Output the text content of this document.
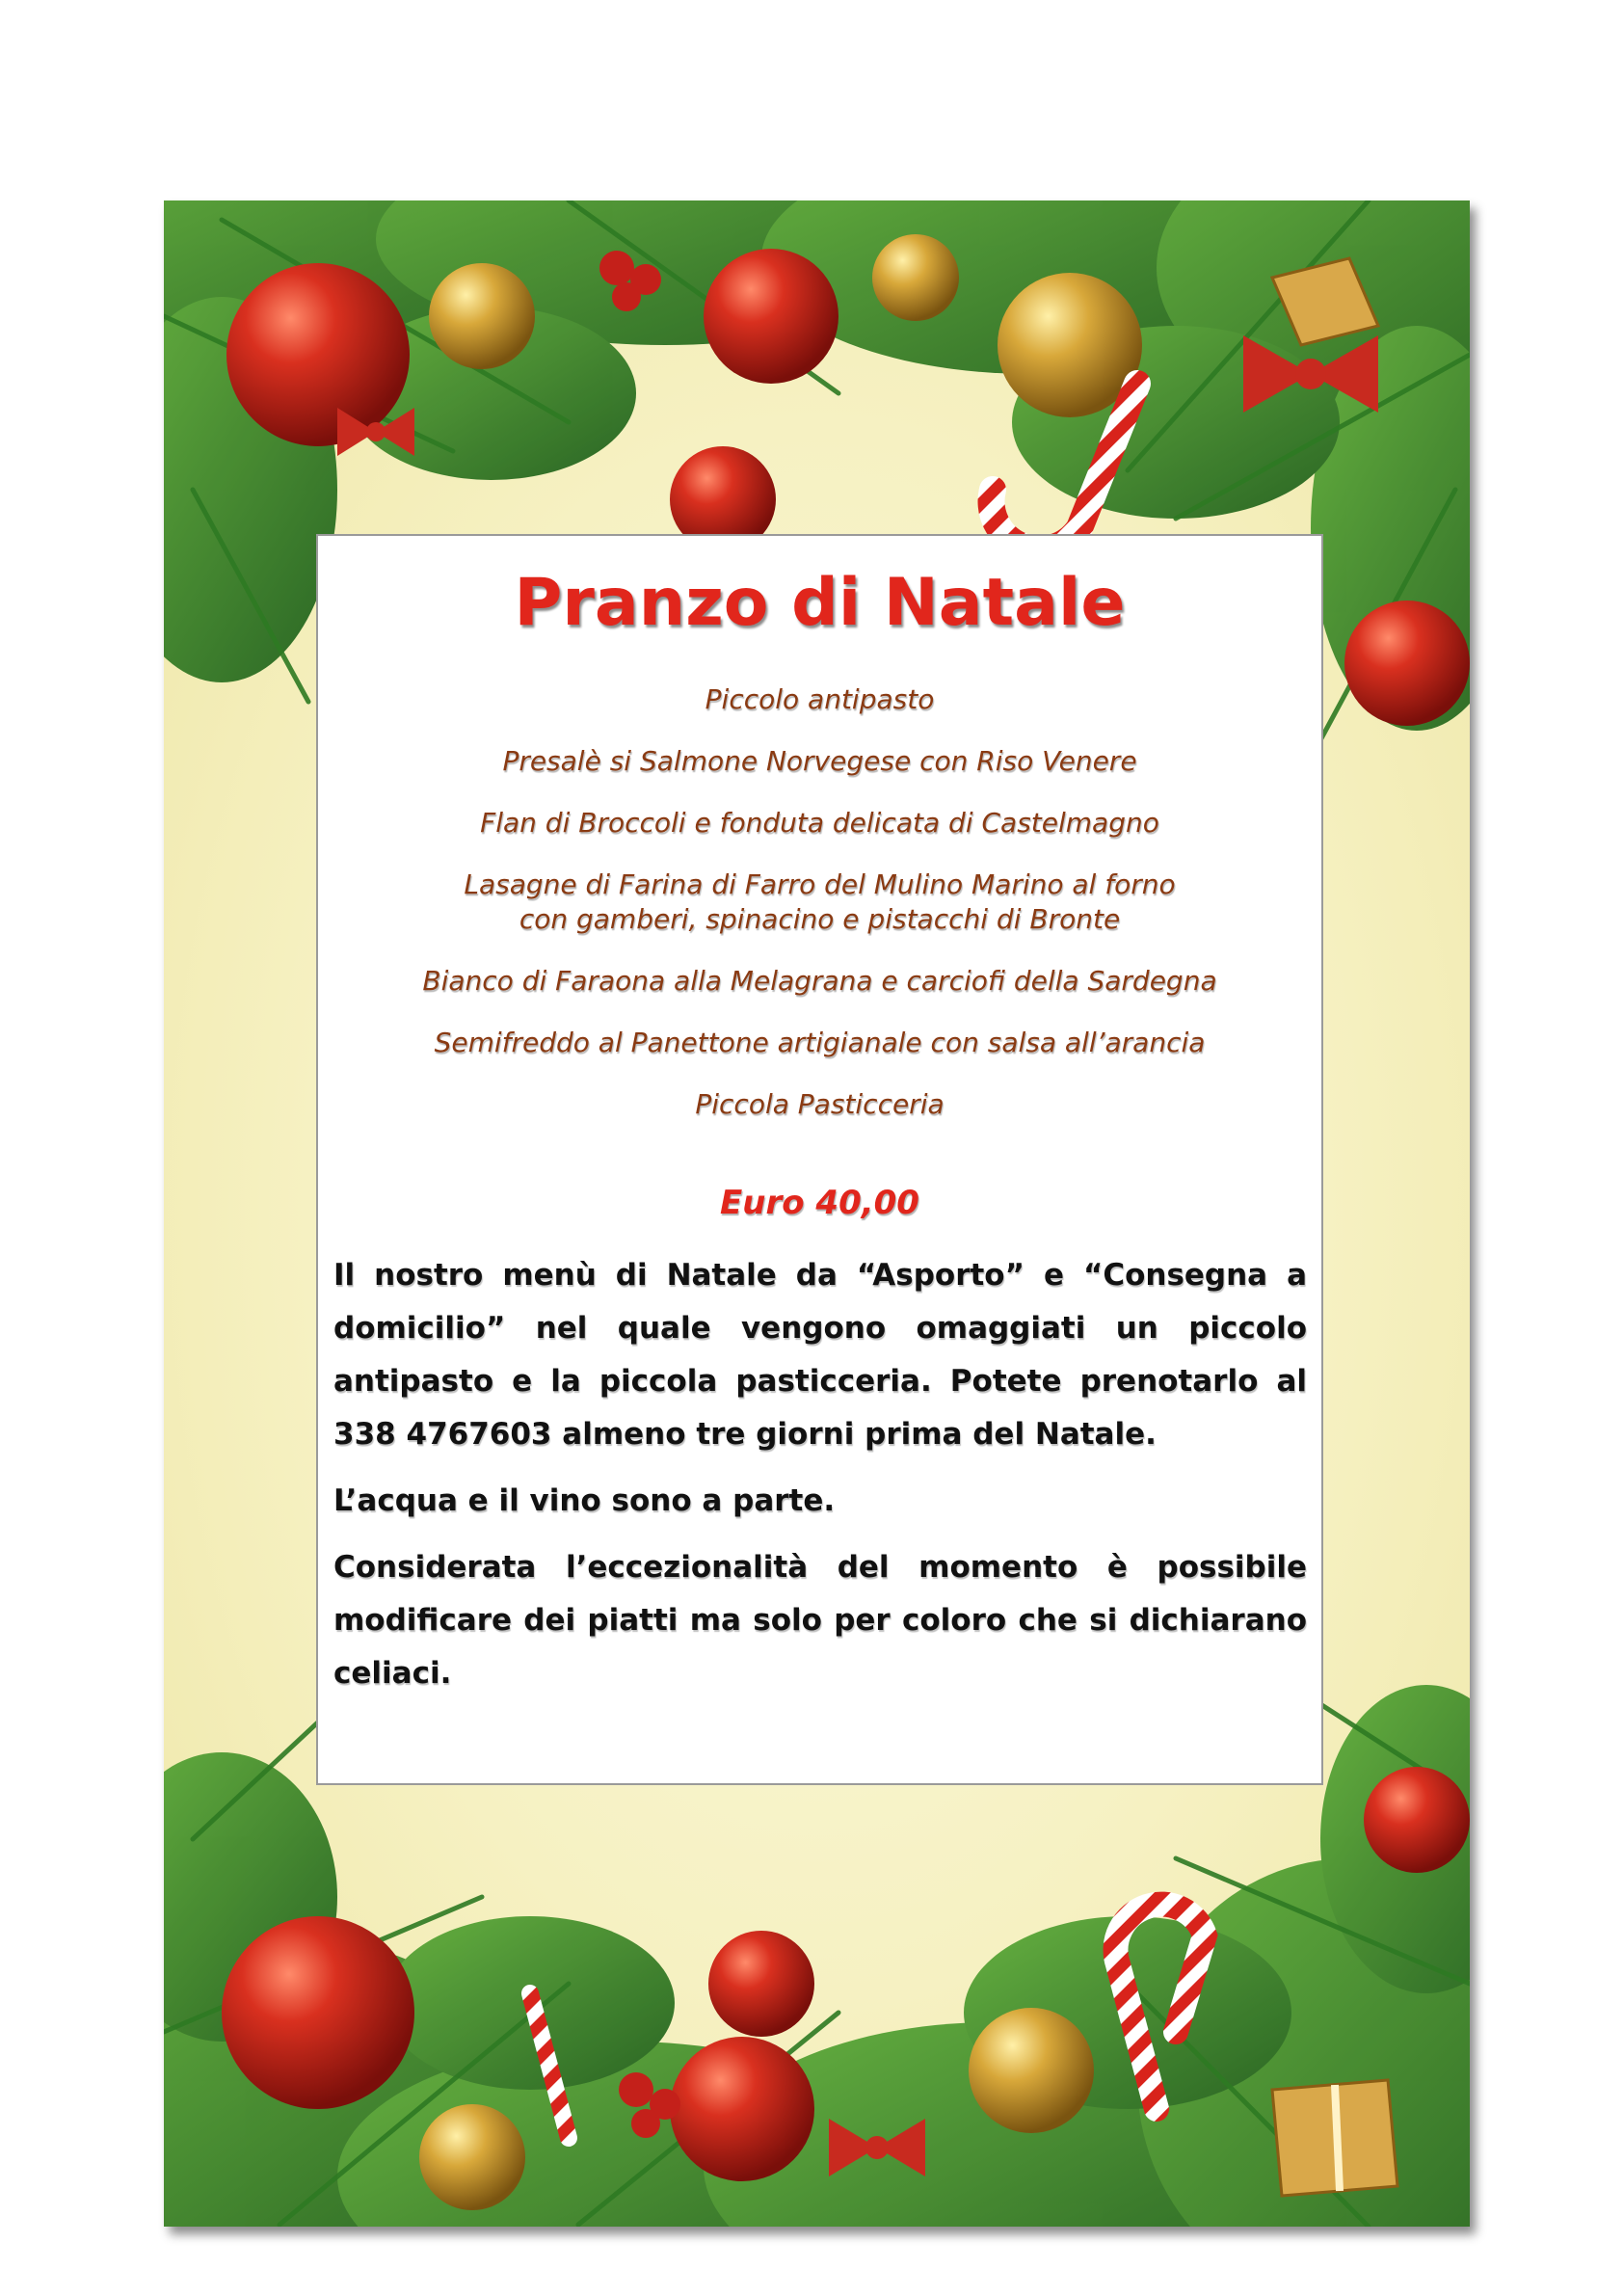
Pranzo di Natale
Piccolo antipasto
Presalè si Salmone Norvegese con Riso Venere
Flan di Broccoli e fonduta delicata di Castelmagno
Lasagne di Farina di Farro del Mulino Marino al forno
con gamberi, spinacino e pistacchi di Bronte
Bianco di Faraona alla Melagrana e carciofi della Sardegna
Semifreddo al Panettone artigianale con salsa all’arancia
Piccola Pasticceria
Euro 40,00

Il nostro menù di Natale da “Asporto” e “Consegna a domicilio” nel quale vengono omaggiati un piccolo antipasto e la piccola pasticceria. Potete prenotarlo al 338 4767603 almeno tre giorni prima del Natale.

L’acqua e il vino sono a parte.

Considerata l’eccezionalità del momento è possibile modificare dei piatti ma solo per coloro che si dichiarano celiaci.
